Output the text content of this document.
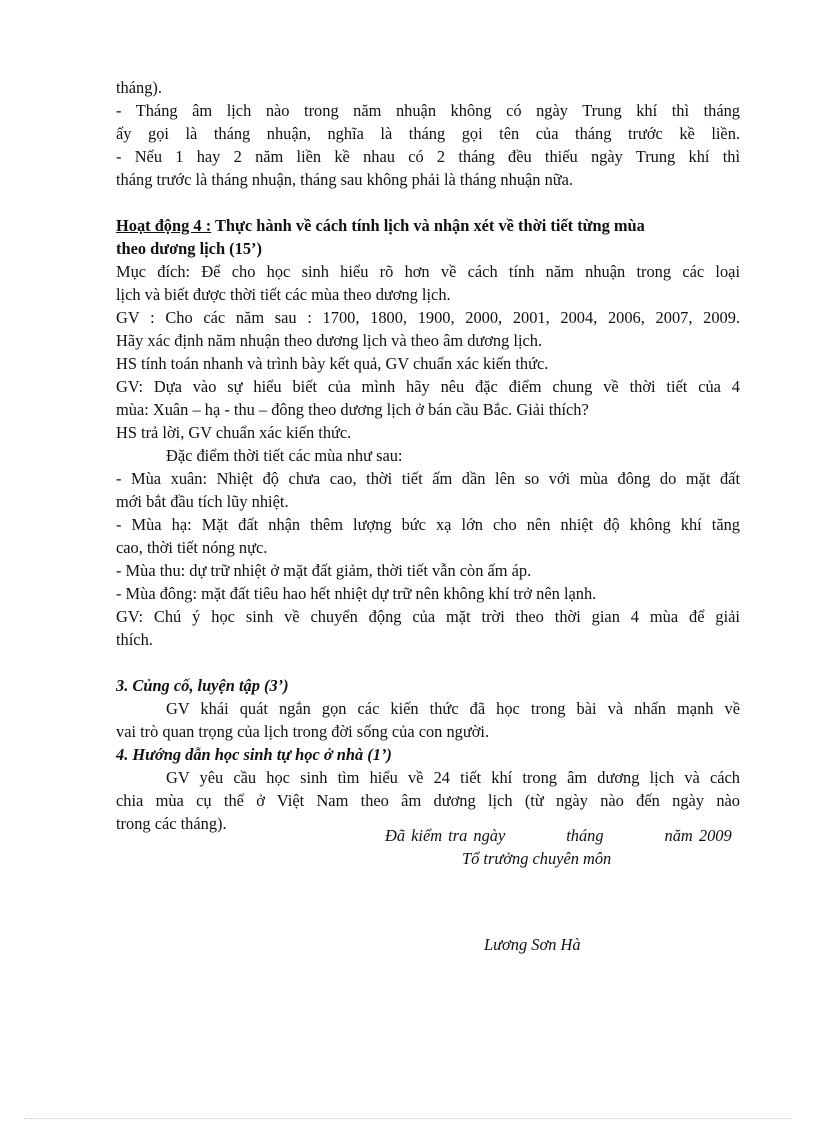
tháng).
- Tháng âm lịch nào trong năm nhuận không có ngày Trung khí thì tháng
ấy gọi là tháng nhuận, nghĩa là tháng gọi tên của tháng trước kề liền.
- Nếu 1 hay 2 năm liền kề nhau có 2 tháng đều thiếu ngày Trung khí thì
tháng trước là tháng nhuận, tháng sau không phải là tháng nhuận nữa.
Hoạt động 4 : Thực hành về cách tính lịch và nhận xét về thời tiết từng mùa
theo dương lịch (15’)
Mục đích: Để cho học sinh hiểu rõ hơn về cách tính năm nhuận trong các loại
lịch và biết được thời tiết các mùa theo dương lịch.
GV : Cho các năm sau : 1700, 1800, 1900, 2000, 2001, 2004, 2006, 2007, 2009.
Hãy xác định năm nhuận theo dương lịch và theo âm dương lịch.
HS tính toán nhanh và trình bày kết quả, GV chuẩn xác kiến thức.
GV: Dựa vào sự hiểu biết của mình hãy nêu đặc điểm chung về thời tiết của 4
mùa: Xuân – hạ - thu – đông theo dương lịch ở bán cầu Bắc. Giải thích?
HS trả lời, GV chuẩn xác kiến thức.
Đặc điểm thời tiết các mùa như sau:
- Mùa xuân: Nhiệt độ chưa cao, thời tiết ấm dần lên so với mùa đông do mặt đất
mới bắt đầu tích lũy nhiệt.
- Mùa hạ: Mặt đất nhận thêm lượng bức xạ lớn cho nên nhiệt độ không khí tăng
cao, thời tiết nóng nực.
- Mùa thu: dự trữ nhiệt ở mặt đất giảm, thời tiết vẫn còn ấm áp.
- Mùa đông: mặt đất tiêu hao hết nhiệt dự trữ nên không khí trở nên lạnh.
GV: Chú ý học sinh về chuyển động của mặt trời theo thời gian 4 mùa để giải
thích.
3. Củng cố, luyện tập (3’)
GV khái quát ngắn gọn các kiến thức đã học trong bài và nhấn mạnh về
vai trò quan trọng của lịch trong đời sống của con người.
4. Hướng dẫn học sinh tự học ở nhà (1’)
GV yêu cầu học sinh tìm hiểu về 24 tiết khí trong âm dương lịch và cách
chia mùa cụ thể ở Việt Nam theo âm dương lịch (từ ngày nào đến ngày nào
trong các tháng).
Đã kiểm tra ngày          tháng          năm 2009
Tổ trưởng chuyên môn
Lương Sơn Hà
